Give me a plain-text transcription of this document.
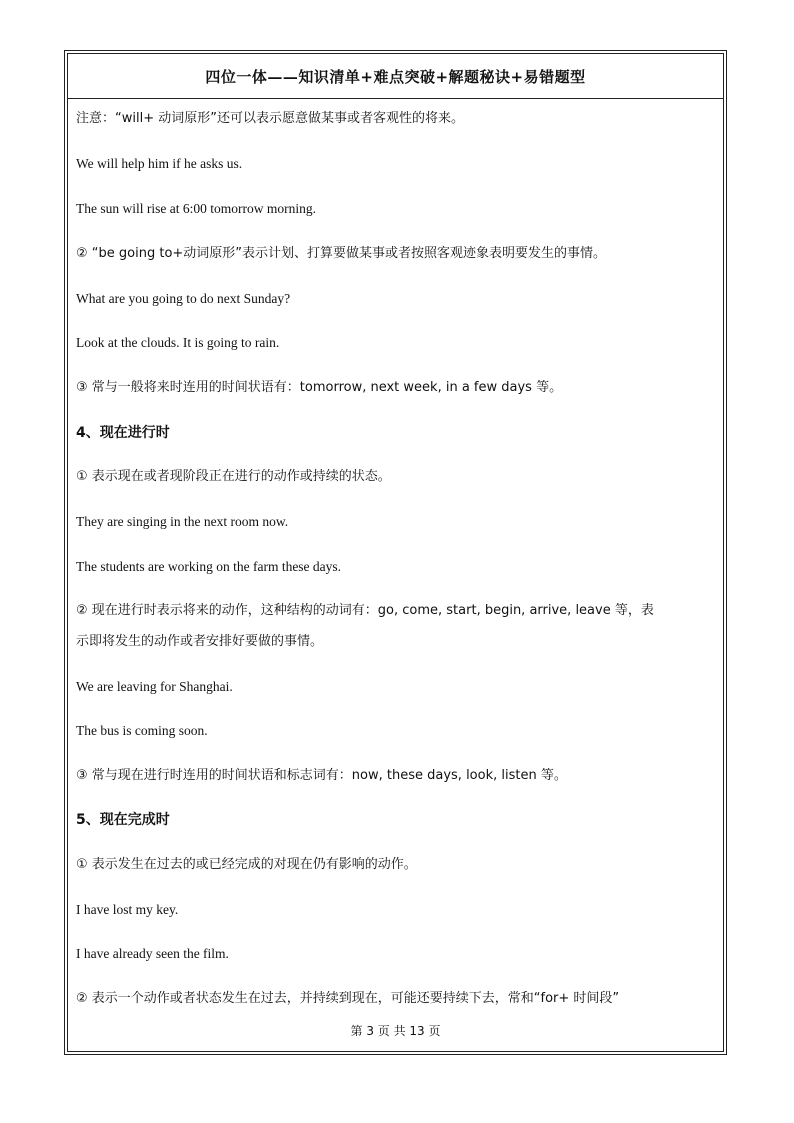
四位一体——知识清单+难点突破+解题秘诀+易错题型
注意：“will+ 动词原形”还可以表示愿意做某事或者客观性的将来。
We will help him if he asks us.
The sun will rise at 6:00 tomorrow morning.
② “be going to+动词原形”表示计划、打算要做某事或者按照客观迹象表明要发生的事情。
What are you going to do next Sunday?
Look at the clouds. It is going to rain.
③ 常与一般将来时连用的时间状语有：tomorrow, next week, in a few days 等。
4、现在进行时
① 表示现在或者现阶段正在进行的动作或持续的状态。
They are singing in the next room now.
The students are working on the farm these days.
② 现在进行时表示将来的动作，这种结构的动词有：go, come, start, begin, arrive, leave 等，表
示即将发生的动作或者安排好要做的事情。
We are leaving for Shanghai.
The bus is coming soon.
③ 常与现在进行时连用的时间状语和标志词有：now, these days, look, listen 等。
5、现在完成时
① 表示发生在过去的或已经完成的对现在仍有影响的动作。
I have lost my key.
I have already seen the film.
② 表示一个动作或者状态发生在过去，并持续到现在，可能还要持续下去，常和“for+ 时间段”
第 3 页 共 13 页
